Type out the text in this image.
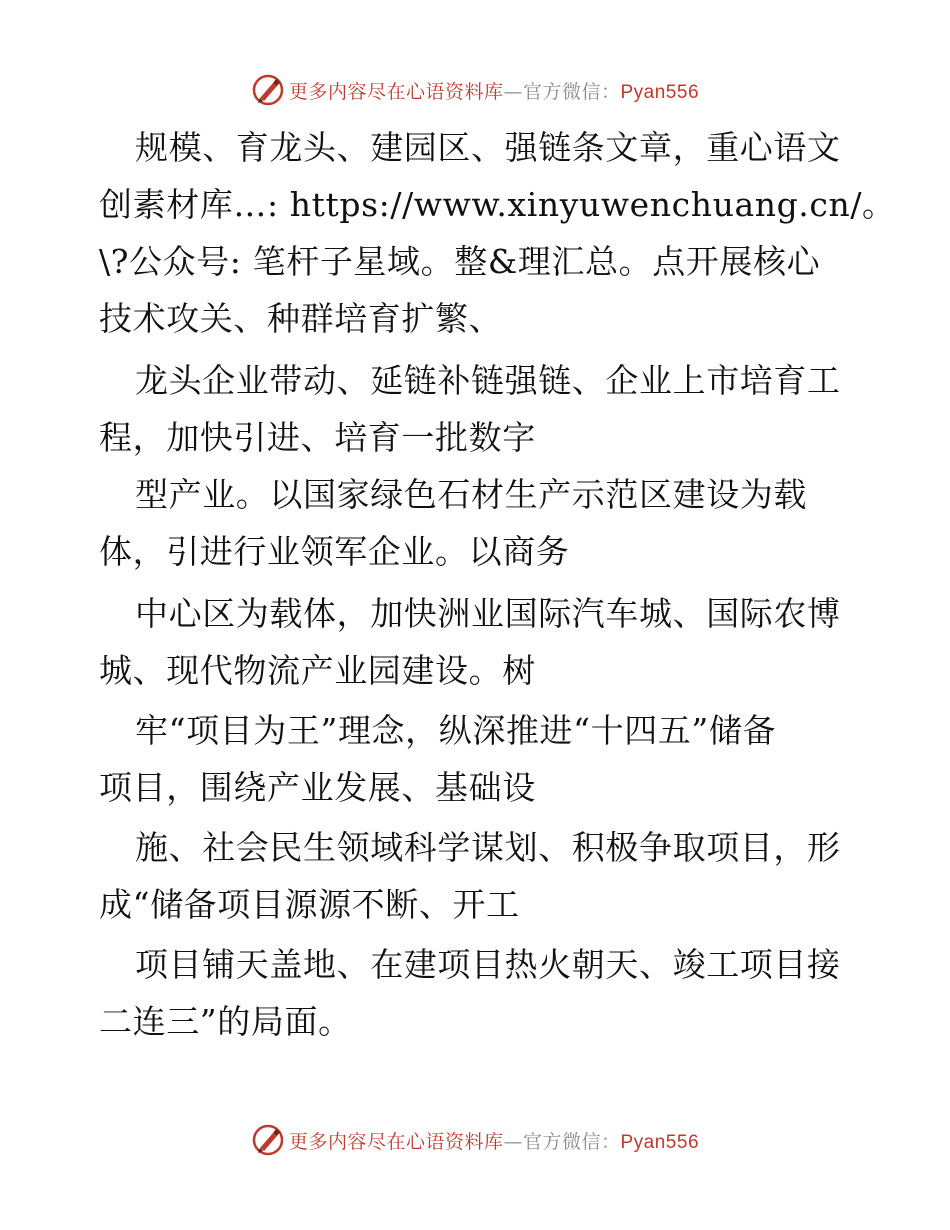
更多内容尽在心语资料库—官方微信：Pyan556
规模、育龙头、建园区、强链条文章，重心语文
创素材库…: https://www.xinyuwenchuang.cn/。
\?公众号: 笔杆子星域。整&理汇总。点开展核心
技术攻关、种群培育扩繁、
龙头企业带动、延链补链强链、企业上市培育工
程，加快引进、培育一批数字
型产业。以国家绿色石材生产示范区建设为载
体，引进行业领军企业。以商务
中心区为载体，加快洲业国际汽车城、国际农博
城、现代物流产业园建设。树
牢“项目为王”理念，纵深推进“十四五”储备
项目，围绕产业发展、基础设
施、社会民生领域科学谋划、积极争取项目，形
成“储备项目源源不断、开工
项目铺天盖地、在建项目热火朝天、竣工项目接
二连三”的局面。
更多内容尽在心语资料库—官方微信：Pyan556
